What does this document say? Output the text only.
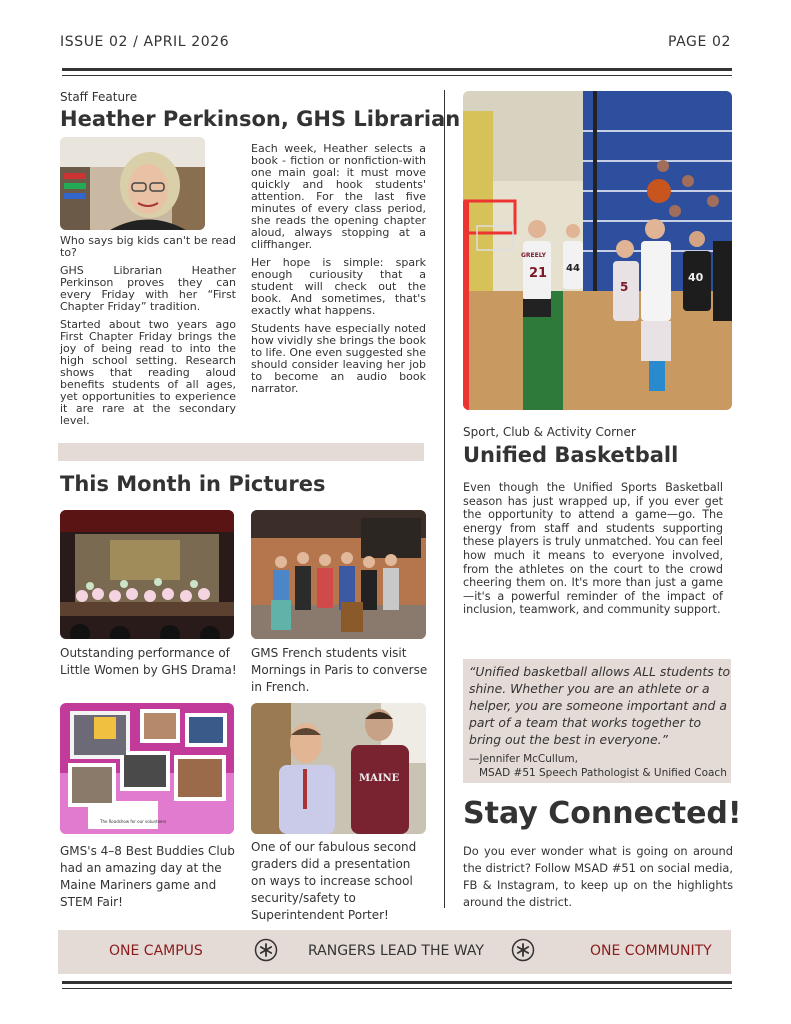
ISSUE 02 / APRIL 2026	PAGE 02
Staff Feature
Heather Perkinson, GHS Librarian

Who says big kids can't be read to?

GHS Librarian Heather Perkinson proves they can every Friday with her “First Chapter Friday” tradition.

Started about two years ago First Chapter Friday brings the joy of being read to into the high school setting. Research shows that reading aloud benefits students of all ages, yet opportunities to experience it are rare at the secondary level.

Each week, Heather selects a book - fiction or nonfiction-with one main goal: it must move quickly and hook students' attention. For the last five minutes of every class period, she reads the opening chapter aloud, always stopping at a cliffhanger.

Her hope is simple: spark enough curiousity that a student will check out the book. And sometimes, that's exactly what happens.

Students have especially noted how vividly she brings the book to life. One even suggested she should consider leaving her job to become an audio book narrator.

This Month in Pictures
Outstanding performance of Little Women by GHS Drama!
GMS French students visit Mornings in Paris to converse in French.
The Roadshow for our volunteers
MAINE
GMS's 4–8 Best Buddies Club had an amazing day at the Maine Mariners game and STEM Fair!
One of our fabulous second graders did a presentation on ways to increase school security/safety to Superintendent Porter!
21
GREELY
44
5
40
Sport, Club & Activity Corner
Unified Basketball
Even though the Unified Sports Basketball season has just wrapped up, if you ever get the opportunity to attend a game—go. The energy from staff and students supporting these players is truly unmatched. You can feel how much it means to everyone involved, from the athletes on the court to the crowd cheering them on. It's more than just a game—it's a powerful reminder of the impact of inclusion, teamwork, and community support.
“Unified basketball allows ALL students to shine. Whether you are an athlete or a helper, you are someone important and a part of a team that works together to bring out the best in everyone.”
—Jennifer McCullum,
MSAD #51 Speech Pathologist & Unified Coach
Stay Connected!
Do you ever wonder what is going on around the district? Follow MSAD #51 on social media, FB & Instagram, to keep up on the highlights around the district.
ONE CAMPUS	RANGERS LEAD THE WAY	ONE COMMUNITY
